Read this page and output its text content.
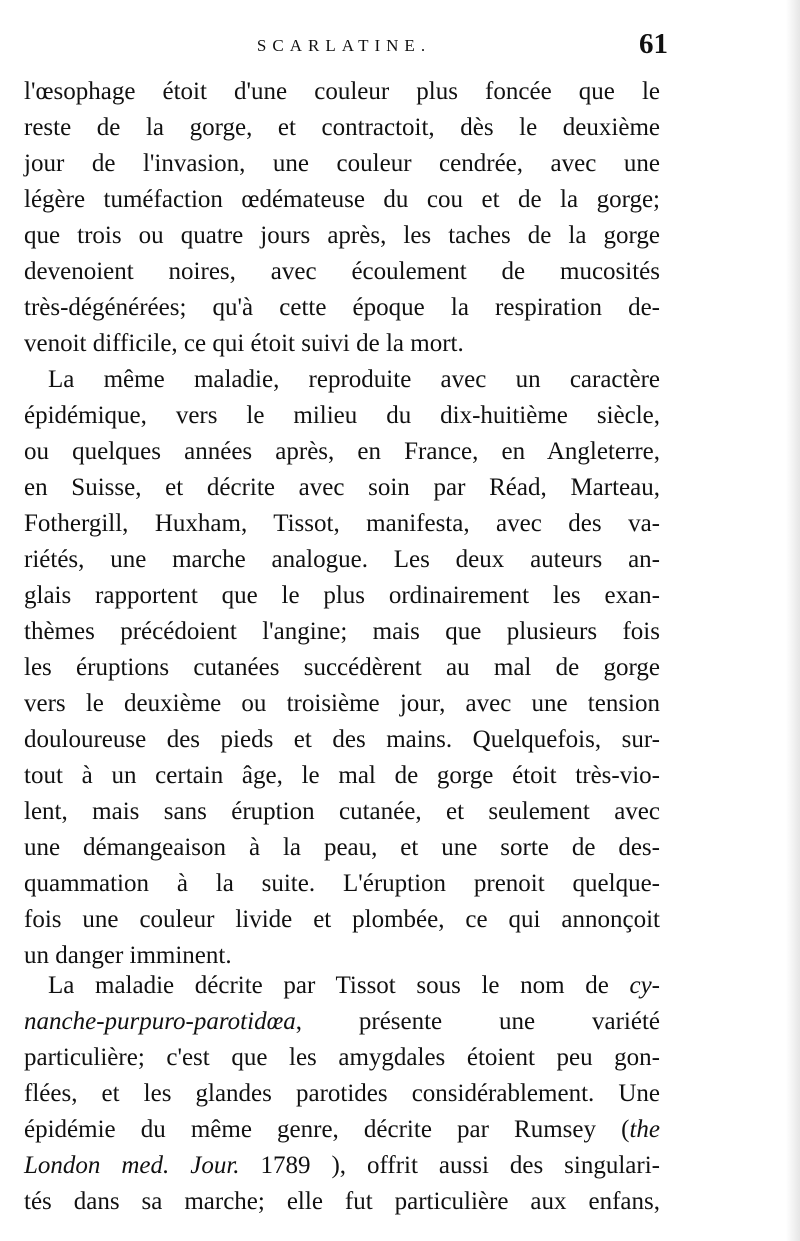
SCARLATINE.	61
l'œsophage étoit d'une couleur plus foncée que le
reste de la gorge, et contractoit, dès le deuxième
jour de l'invasion, une couleur cendrée, avec une
légère tuméfaction œdémateuse du cou et de la gorge;
que trois ou quatre jours après, les taches de la gorge
devenoient noires, avec écoulement de mucosités
très-dégénérées; qu'à cette époque la respiration de-
venoit difficile, ce qui étoit suivi de la mort.
La même maladie, reproduite avec un caractère
épidémique, vers le milieu du dix-huitième siècle,
ou quelques années après, en France, en Angleterre,
en Suisse, et décrite avec soin par Réad, Marteau,
Fothergill, Huxham, Tissot, manifesta, avec des va-
riétés, une marche analogue. Les deux auteurs an-
glais rapportent que le plus ordinairement les exan-
thèmes précédoient l'angine; mais que plusieurs fois
les éruptions cutanées succédèrent au mal de gorge
vers le deuxième ou troisième jour, avec une tension
douloureuse des pieds et des mains. Quelquefois, sur-
tout à un certain âge, le mal de gorge étoit très-vio-
lent, mais sans éruption cutanée, et seulement avec
une démangeaison à la peau, et une sorte de des-
quammation à la suite. L'éruption prenoit quelque-
fois une couleur livide et plombée, ce qui annonçoit
un danger imminent.
La maladie décrite par Tissot sous le nom de cy-
nanche-purpuro-parotidœa, présente une variété
particulière; c'est que les amygdales étoient peu gon-
flées, et les glandes parotides considérablement. Une
épidémie du même genre, décrite par Rumsey (the
London med. Jour. 1789 ), offrit aussi des singulari-
tés dans sa marche; elle fut particulière aux enfans,
